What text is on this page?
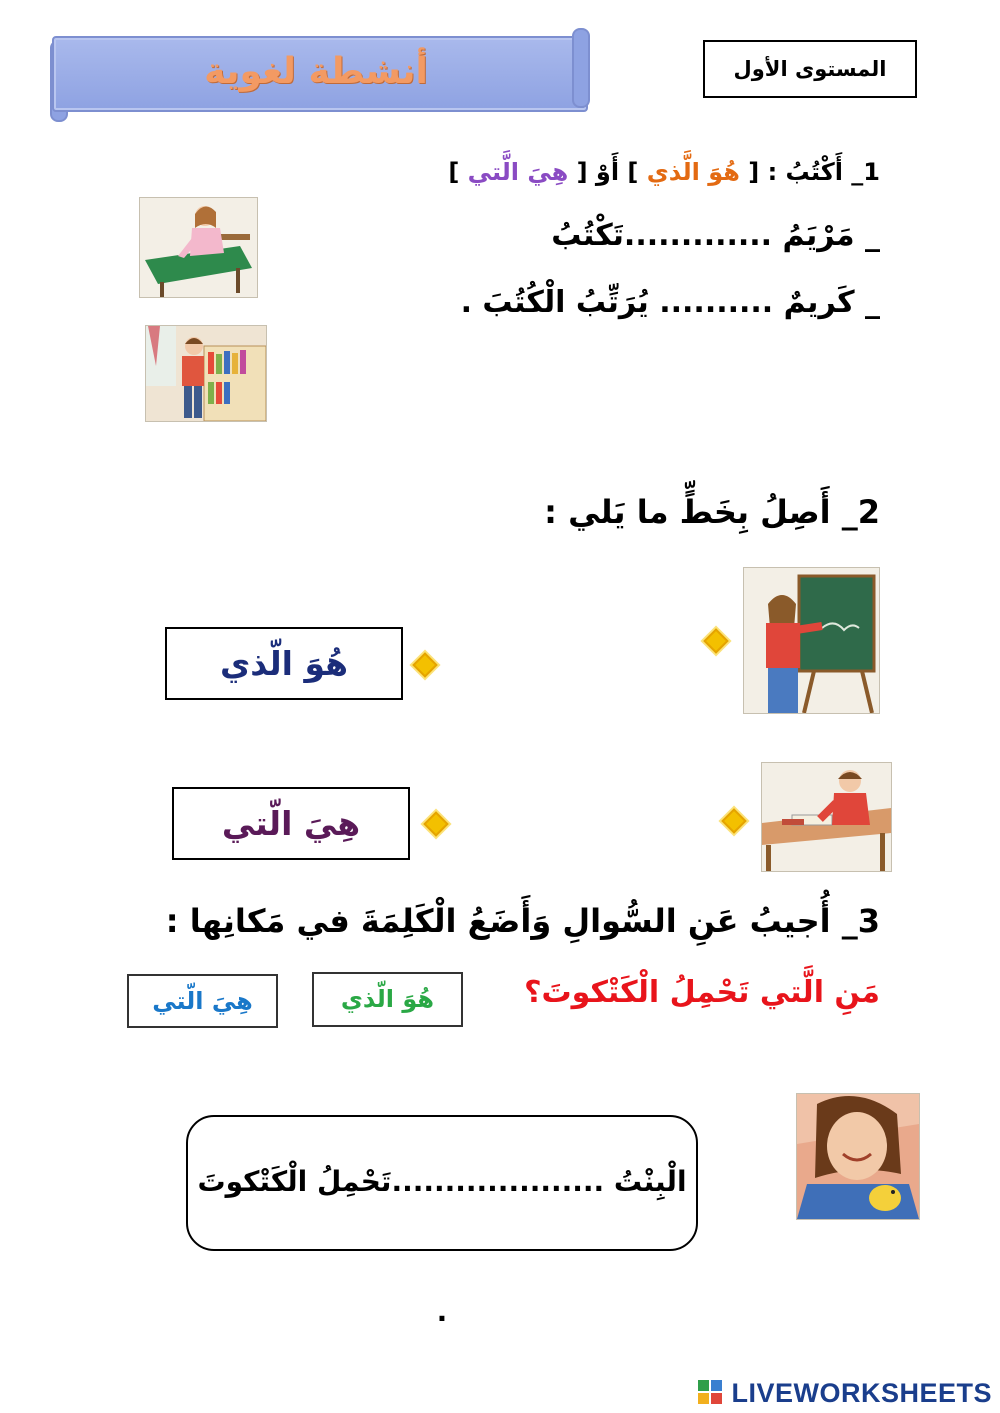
أنشطة لغوية	المستوى الأول
1_ أَكْتُبُ : [ هُوَ الَّذي ] أَوْ [ هِيَ الَّتي ]
_ مَرْيَمُ .............تَكْتُبُ
_ كَريمٌ .......... يُرَتِّبُ الْكُتُبَ .
2_ أَصِلُ بِخَطٍّ ما يَلي :
هُوَ الّذي
هِيَ الّتي
3_ أُجيبُ عَنِ السُّوالِ وَأَضَعُ الْكَلِمَةَ في مَكانِها :
مَنِ الَّتي تَحْمِلُ الْكَتْكوتَ؟
هُوَ الّذي
هِيَ الّتي
الْبِنْتُ ....................تَحْمِلُ الْكَتْكوتَ .
LIVEWORKSHEETS
